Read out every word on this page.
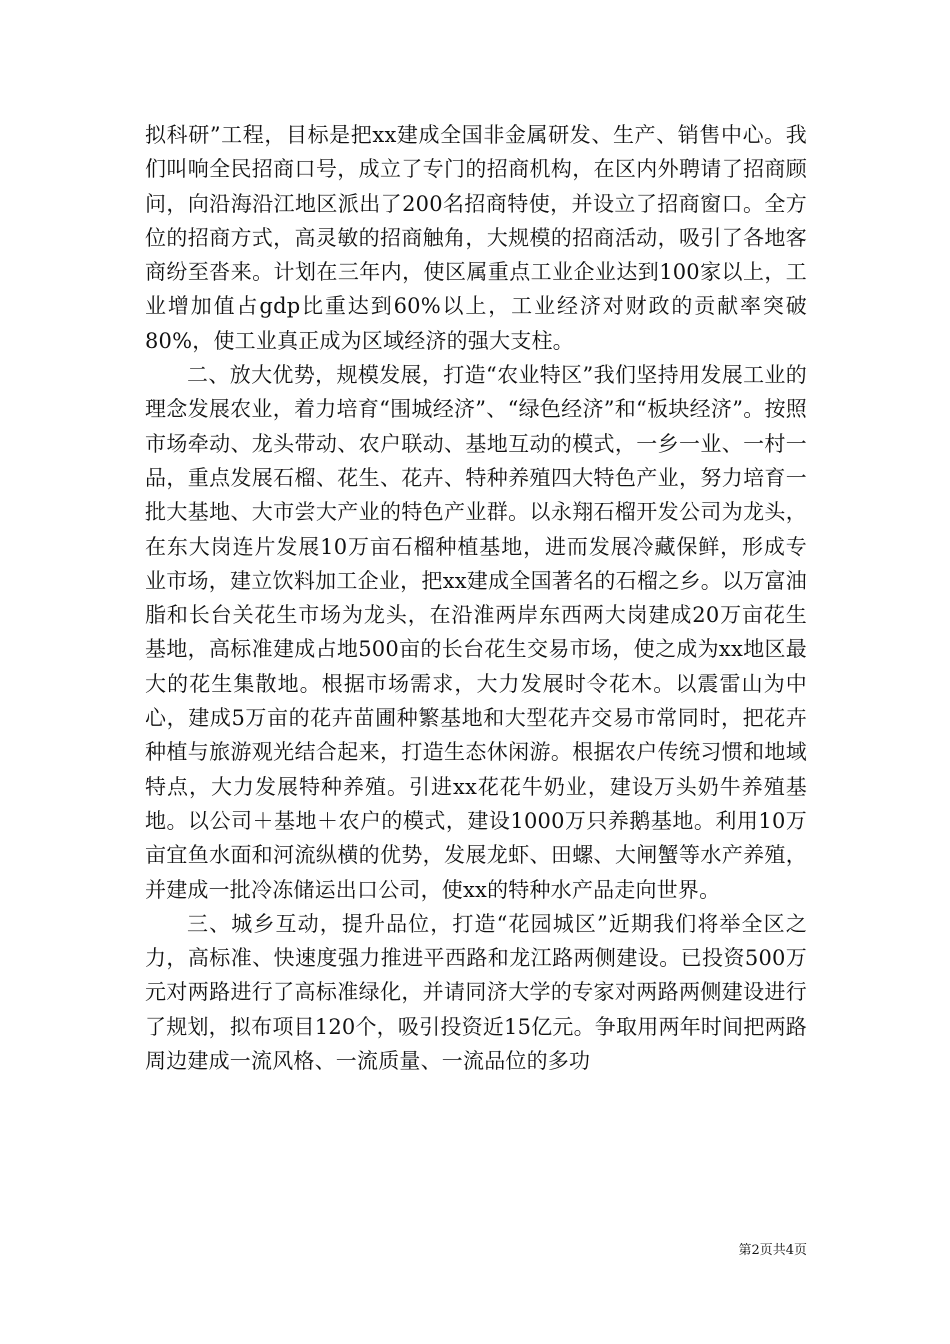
拟科研”工程，目标是把xx建成全国非金属研发、生产、销售中心。我们叫响全民招商口号，成立了专门的招商机构，在区内外聘请了招商顾问，向沿海沿江地区派出了200名招商特使，并设立了招商窗口。全方位的招商方式，高灵敏的招商触角，大规模的招商活动，吸引了各地客商纷至沓来。计划在三年内，使区属重点工业企业达到100家以上，工业增加值占gdp比重达到60%以上，工业经济对财政的贡献率突破80%，使工业真正成为区域经济的强大支柱。

二、放大优势，规模发展，打造“农业特区”我们坚持用发展工业的理念发展农业，着力培育“围城经济”、“绿色经济”和“板块经济”。按照市场牵动、龙头带动、农户联动、基地互动的模式，一乡一业、一村一品，重点发展石榴、花生、花卉、特种养殖四大特色产业，努力培育一批大基地、大市尝大产业的特色产业群。以永翔石榴开发公司为龙头，在东大岗连片发展10万亩石榴种植基地，进而发展冷藏保鲜，形成专业市场，建立饮料加工企业，把xx建成全国著名的石榴之乡。以万富油脂和长台关花生市场为龙头，在沿淮两岸东西两大岗建成20万亩花生基地，高标准建成占地500亩的长台花生交易市场，使之成为xx地区最大的花生集散地。根据市场需求，大力发展时令花木。以震雷山为中心，建成5万亩的花卉苗圃种繁基地和大型花卉交易市常同时，把花卉种植与旅游观光结合起来，打造生态休闲游。根据农户传统习惯和地域特点，大力发展特种养殖。引进xx花花牛奶业，建设万头奶牛养殖基地。以公司＋基地＋农户的模式，建设1000万只养鹅基地。利用10万亩宜鱼水面和河流纵横的优势，发展龙虾、田螺、大闸蟹等水产养殖，并建成一批冷冻储运出口公司，使xx的特种水产品走向世界。

三、城乡互动，提升品位，打造“花园城区”近期我们将举全区之力，高标准、快速度强力推进平西路和龙江路两侧建设。已投资500万元对两路进行了高标准绿化，并请同济大学的专家对两路两侧建设进行了规划，拟布项目120个，吸引投资近15亿元。争取用两年时间把两路周边建成一流风格、一流质量、一流品位的多功

第2页共4页
